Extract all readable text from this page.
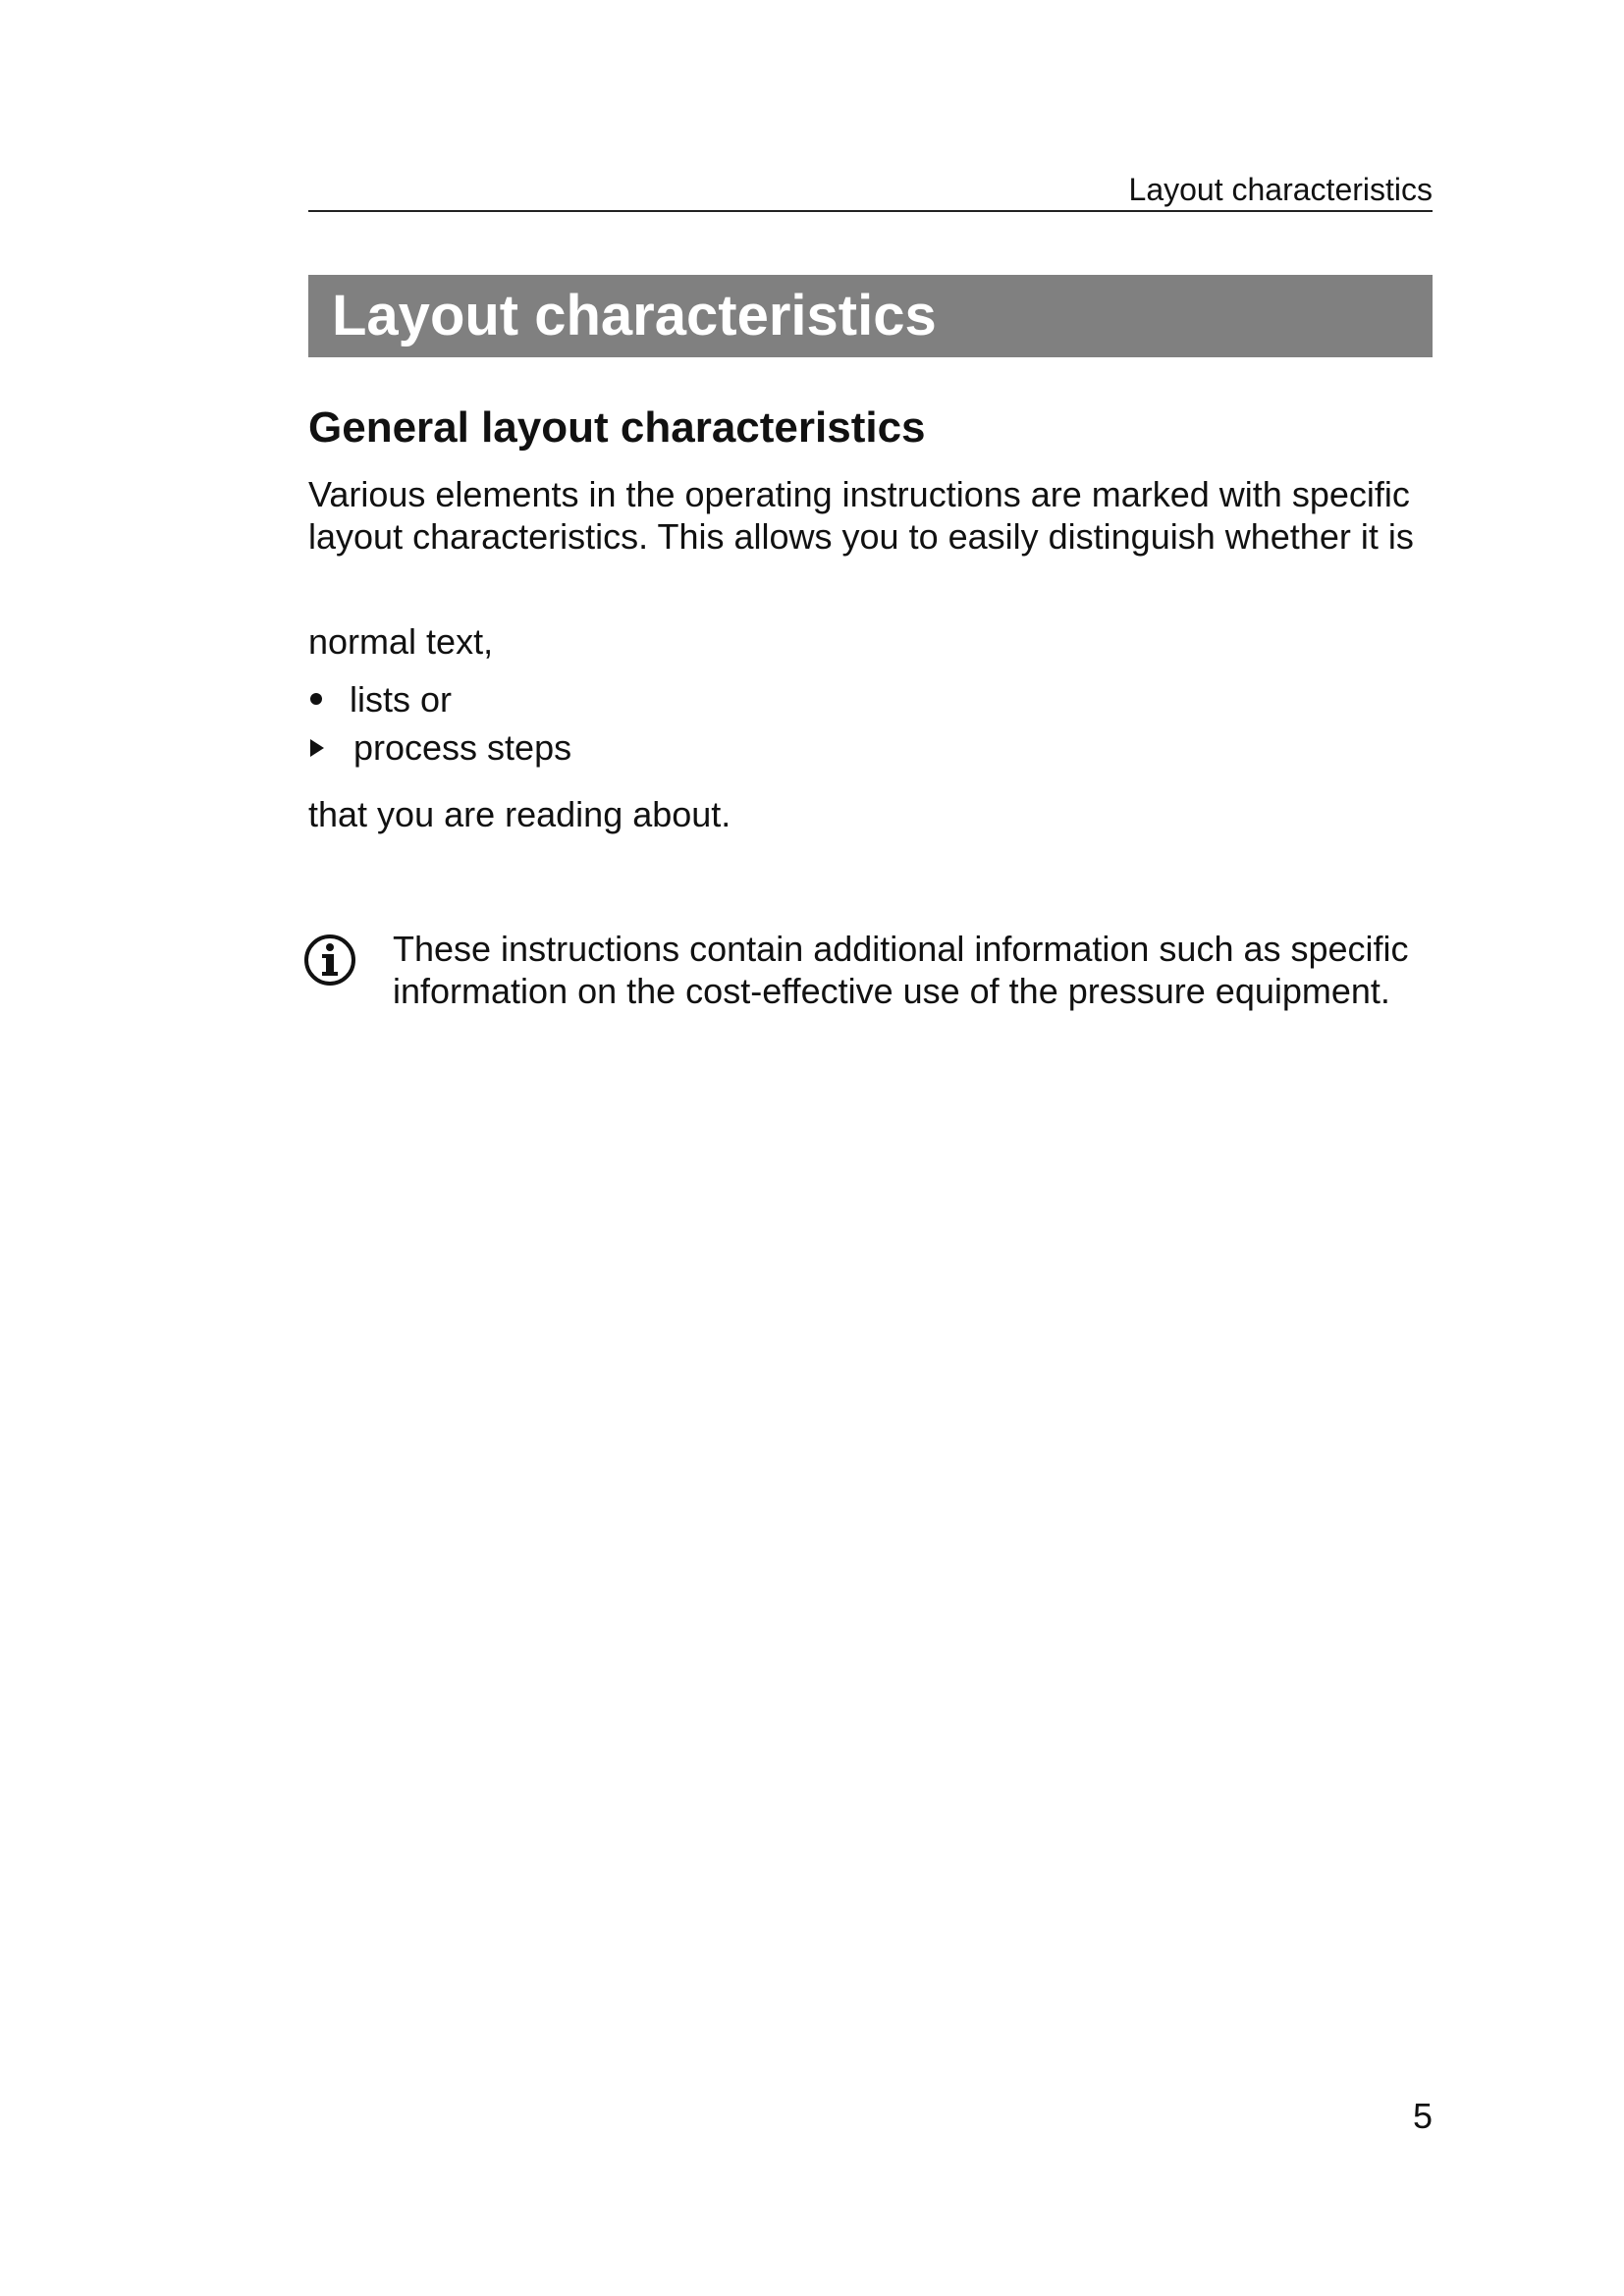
Layout characteristics
Layout characteristics
General layout characteristics

Various elements in the operating instructions are marked with specific layout characteristics. This allows you to easily distinguish whether it is

normal text,
lists or
process steps
that you are reading about.

These instructions contain additional information such as specific information on the cost-effective use of the pressure equipment.

5
